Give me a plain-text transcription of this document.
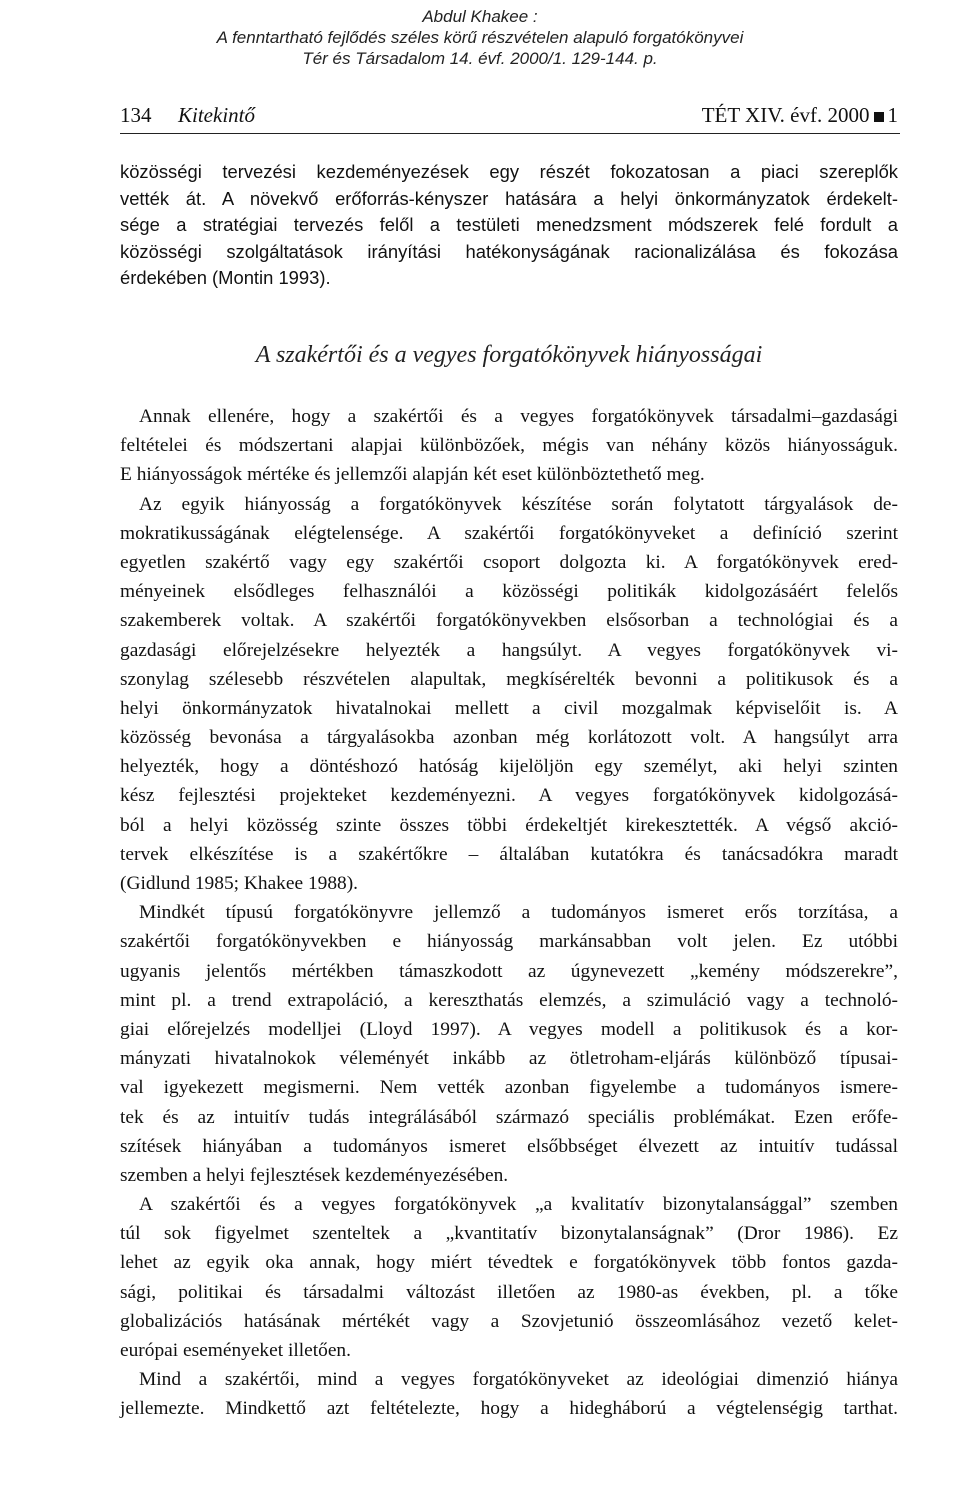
Abdul Khakee :
A fenntartható fejlődés széles körű részvételen alapuló forgatókönyvei
Tér és Társadalom 14. évf. 2000/1. 129-144. p.
134 Kitekintő	TÉT XIV. évf. 2000 1
közösségi tervezési kezdeményezések egy részét fokozatosan a piaci szereplők
vették át. A növekvő erőforrás-kényszer hatására a helyi önkormányzatok érdekelt-
sége a stratégiai tervezés felől a testületi menedzsment módszerek felé fordult a
közösségi szolgáltatások irányítási hatékonyságának racionalizálása és fokozása
érdekében (Montin 1993).
A szakértői és a vegyes forgatókönyvek hiányosságai
Annak ellenére, hogy a szakértői és a vegyes forgatókönyvek társadalmi–gazdasági
feltételei és módszertani alapjai különbözőek, mégis van néhány közös hiányosságuk.
E hiányosságok mértéke és jellemzői alapján két eset különböztethető meg.
Az egyik hiányosság a forgatókönyvek készítése során folytatott tárgyalások de-
mokratikusságának elégtelensége. A szakértői forgatókönyveket a definíció szerint
egyetlen szakértő vagy egy szakértői csoport dolgozta ki. A forgatókönyvek ered-
ményeinek elsődleges felhasználói a közösségi politikák kidolgozásáért felelős
szakemberek voltak. A szakértői forgatókönyvekben elsősorban a technológiai és a
gazdasági előrejelzésekre helyezték a hangsúlyt. A vegyes forgatókönyvek vi-
szonylag szélesebb részvételen alapultak, megkísérelték bevonni a politikusok és a
helyi önkormányzatok hivatalnokai mellett a civil mozgalmak képviselőit is. A
közösség bevonása a tárgyalásokba azonban még korlátozott volt. A hangsúlyt arra
helyezték, hogy a döntéshozó hatóság kijelöljön egy személyt, aki helyi szinten
kész fejlesztési projekteket kezdeményezni. A vegyes forgatókönyvek kidolgozásá-
ból a helyi közösség szinte összes többi érdekeltjét kirekesztették. A végső akció-
tervek elkészítése is a szakértőkre – általában kutatókra és tanácsadókra maradt
(Gidlund 1985; Khakee 1988).
Mindkét típusú forgatókönyvre jellemző a tudományos ismeret erős torzítása, a
szakértői forgatókönyvekben e hiányosság markánsabban volt jelen. Ez utóbbi
ugyanis jelentős mértékben támaszkodott az úgynevezett „kemény módszerekre”,
mint pl. a trend extrapoláció, a kereszthatás elemzés, a szimuláció vagy a technoló-
giai előrejelzés modelljei (Lloyd 1997). A vegyes modell a politikusok és a kor-
mányzati hivatalnokok véleményét inkább az ötletroham-eljárás különböző típusai-
val igyekezett megismerni. Nem vették azonban figyelembe a tudományos ismere-
tek és az intuitív tudás integrálásából származó speciális problémákat. Ezen erőfe-
szítések hiányában a tudományos ismeret elsőbbséget élvezett az intuitív tudással
szemben a helyi fejlesztések kezdeményezésében.
A szakértői és a vegyes forgatókönyvek „a kvalitatív bizonytalansággal” szemben
túl sok figyelmet szenteltek a „kvantitatív bizonytalanságnak” (Dror 1986). Ez
lehet az egyik oka annak, hogy miért tévedtek e forgatókönyvek több fontos gazda-
sági, politikai és társadalmi változást illetően az 1980-as években, pl. a tőke
globalizációs hatásának mértékét vagy a Szovjetunió összeomlásához vezető kelet-
európai eseményeket illetően.
Mind a szakértői, mind a vegyes forgatókönyveket az ideológiai dimenzió hiánya
jellemezte. Mindkettő azt feltételezte, hogy a hidegháború a végtelenségig tarthat.
